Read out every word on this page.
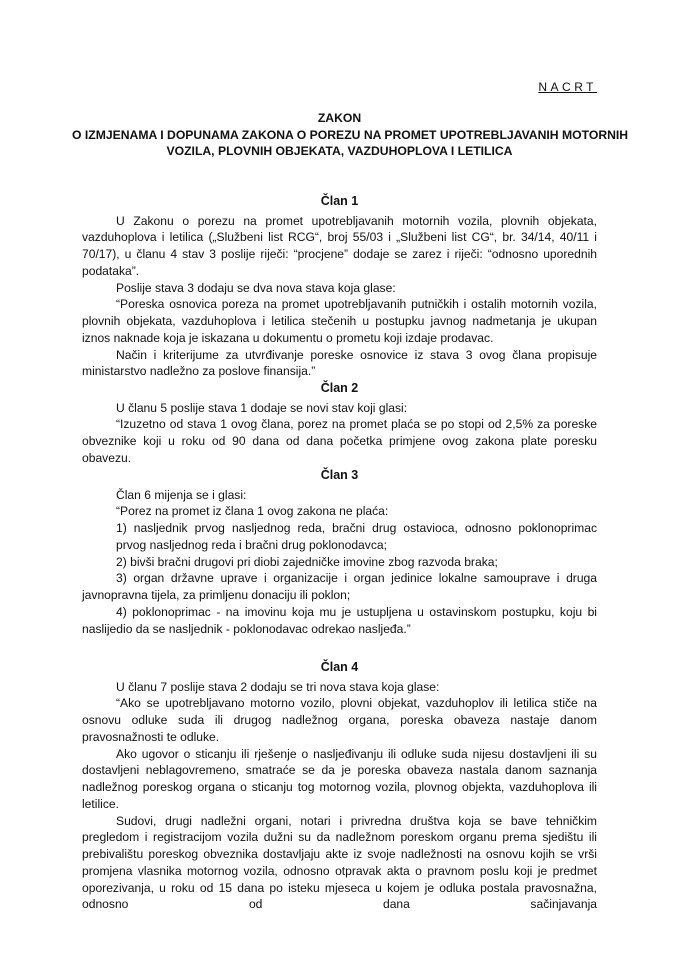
NACRT
ZAKON
O IZMJENAMA I DOPUNAMA ZAKONA O POREZU NA PROMET UPOTREBLJAVANIH MOTORNIH
VOZILA, PLOVNIH OBJEKATA, VAZDUHOPLOVA I LETILICA
Član 1

U Zakonu o porezu na promet upotrebljavanih motornih vozila, plovnih objekata, vazduhoplova i letilica („Službeni list RCG“, broj 55/03 i „Službeni list CG“, br. 34/14, 40/11 i 70/17), u članu 4 stav 3 poslije riječi: “procjene” dodaje se zarez i riječi: “odnosno uporednih podataka”.

Poslije stava 3 dodaju se dva nova stava koja glase:

“Poreska osnovica poreza na promet upotrebljavanih putničkih i ostalih motornih vozila, plovnih objekata, vazduhoplova i letilica stečenih u postupku javnog nadmetanja je ukupan iznos naknade koja je iskazana u dokumentu o prometu koji izdaje prodavac.

Način i kriterijume za utvrđivanje poreske osnovice iz stava 3 ovog člana propisuje ministarstvo nadležno za poslove finansija.”

Član 2

U članu 5 poslije stava 1 dodaje se novi stav koji glasi:

“Izuzetno od stava 1 ovog člana, porez na promet plaća se po stopi od 2,5% za poreske obveznike koji u roku od 90 dana od dana početka primjene ovog zakona plate poresku obavezu.

Član 3

Član 6 mijenja se i glasi:

“Porez na promet iz člana 1 ovog zakona ne plaća:

1) nasljednik prvog nasljednog reda, bračni drug ostavioca, odnosno poklonoprimac prvog nasljednog reda i bračni drug poklonodavca;

2) bivši bračni drugovi pri diobi zajedničke imovine zbog razvoda braka;

3) organ državne uprave i organizacije i organ jedinice lokalne samouprave i druga javnopravna tijela, za primljenu donaciju ili poklon;

4) poklonoprimac - na imovinu koja mu je ustupljena u ostavinskom postupku, koju bi naslijedio da se nasljednik - poklonodavac odrekao nasljeđa.”

Član 4

U članu 7 poslije stava 2 dodaju se tri nova stava koja glase:

“Ako se upotrebljavano motorno vozilo, plovni objekat, vazduhoplov ili letilica stiče na osnovu odluke suda ili drugog nadležnog organa, poreska obaveza nastaje danom pravosnažnosti te odluke.

Ako ugovor o sticanju ili rješenje o nasljeđivanju ili odluke suda nijesu dostavljeni ili su dostavljeni neblagovremeno, smatraće se da je poreska obaveza nastala danom saznanja nadležnog poreskog organa o sticanju tog motornog vozila, plovnog objekta, vazduhoplova ili letilice.

Sudovi, drugi nadležni organi, notari i privredna društva koja se bave tehničkim pregledom i registracijom vozila dužni su da nadležnom poreskom organu prema sjedištu ili prebivalištu poreskog obveznika dostavljaju akte iz svoje nadležnosti na osnovu kojih se vrši promjena vlasnika motornog vozila, odnosno otpravak akta o pravnom poslu koji je predmet oporezivanja, u roku od 15 dana po isteku mjeseca u kojem je odluka postala pravosnažna, odnosno od dana sačinjavanja
